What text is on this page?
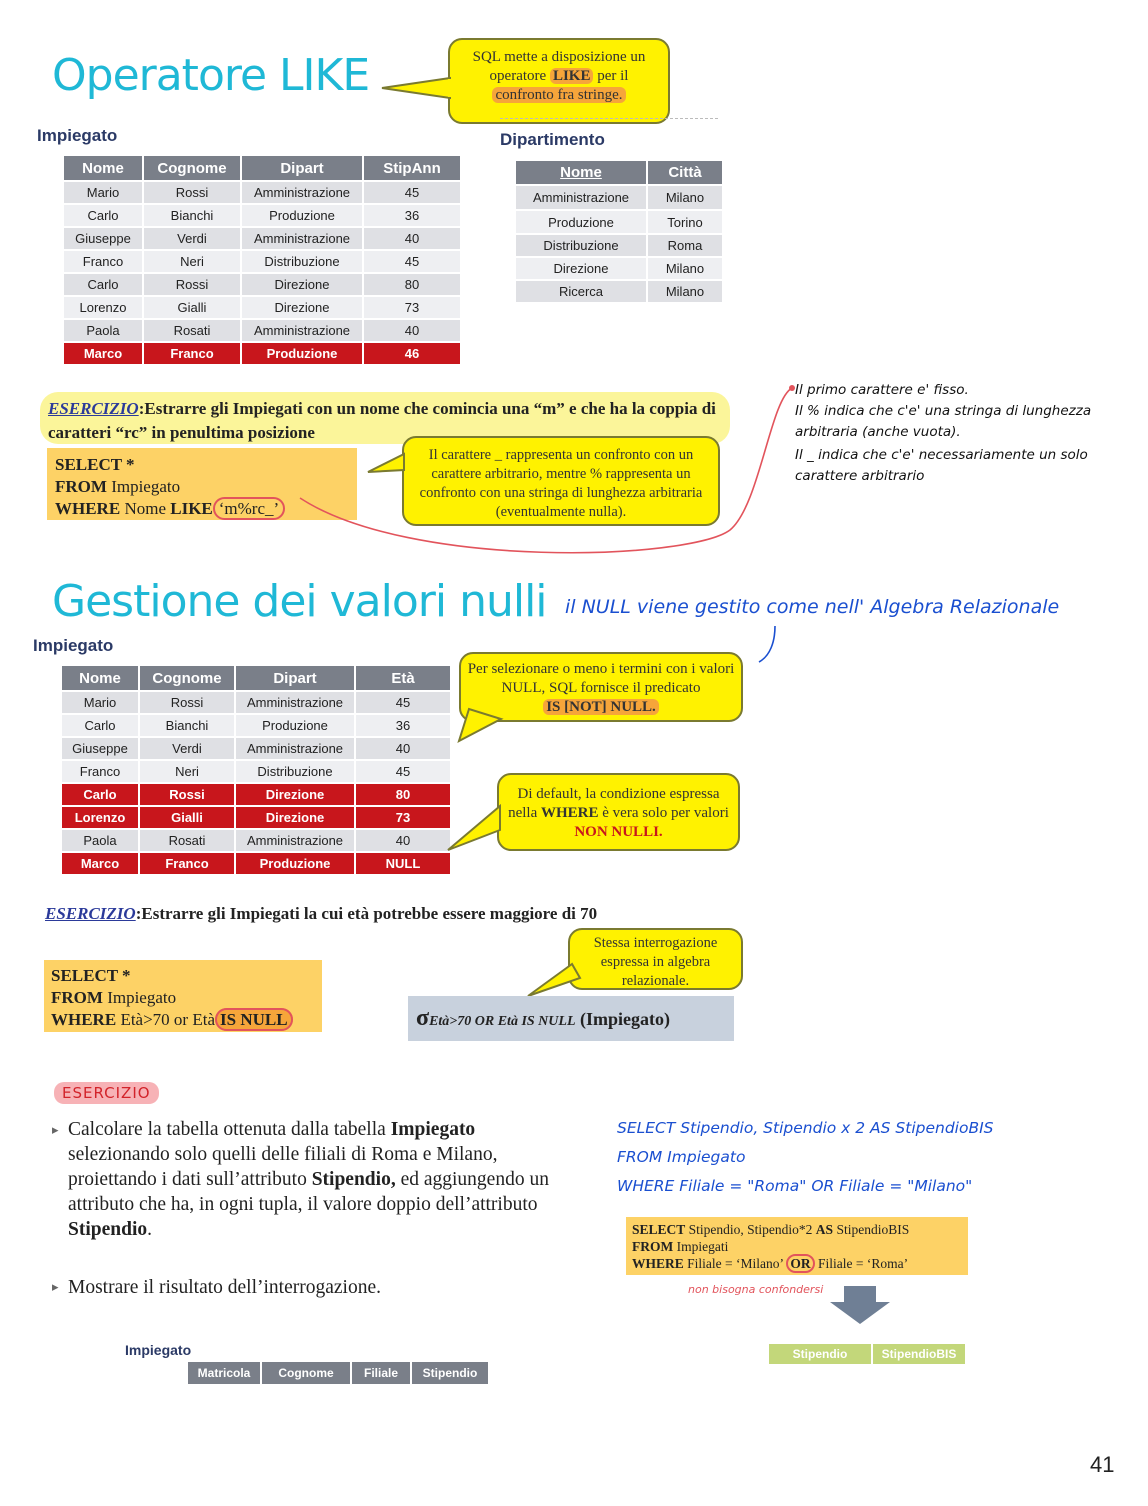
Operatore LIKE	SQL mette a disposizione un operatore LIKE per il
confronto fra stringe.
Impiegato
Nome	Cognome	Dipart	StipAnn
Mario	Rossi	Amministrazione	45
Carlo	Bianchi	Produzione	36
Giuseppe	Verdi	Amministrazione	40
Franco	Neri	Distribuzione	45
Carlo	Rossi	Direzione	80
Lorenzo	Gialli	Direzione	73
Paola	Rosati	Amministrazione	40
Marco	Franco	Produzione	46
Dipartimento
Nome	Città
Amministrazione	Milano
Produzione	Torino
Distribuzione	Roma
Direzione	Milano
Ricerca	Milano
ESERCIZIO:Estrarre gli Impiegati con un nome che comincia una “m” e che ha la coppia di caratteri “rc” in penultima posizione
SELECT *
FROM Impiegato
WHERE Nome LIKE ‘m%rc_’
Il carattere _ rappresenta un confronto con un carattere arbitrario, mentre % rappresenta un confronto con una stringa di lunghezza arbitraria (eventualmente nulla).
Il primo carattere e' fisso.
Il % indica che c'e' una stringa di lunghezza arbitraria (anche vuota).
Il _ indica che c'e' necessariamente un solo carattere arbitrario
Gestione dei valori nulli il NULL viene gestito come nell' Algebra Relazionale
Impiegato
Nome	Cognome	Dipart	Età
Mario	Rossi	Amministrazione	45
Carlo	Bianchi	Produzione	36
Giuseppe	Verdi	Amministrazione	40
Franco	Neri	Distribuzione	45
Carlo	Rossi	Direzione	80
Lorenzo	Gialli	Direzione	73
Paola	Rosati	Amministrazione	40
Marco	Franco	Produzione	NULL
Per selezionare o meno i termini con i valori NULL, SQL fornisce il predicato
IS [NOT] NULL.
Di default, la condizione espressa nella WHERE è vera solo per valori NON NULLI.
ESERCIZIO:Estrarre gli Impiegati la cui età potrebbe essere maggiore di 70
SELECT *
FROM Impiegato
WHERE Età>70 or Età IS NULL
Stessa interrogazione espressa in algebra relazionale.
σEtà>70 OR Età IS NULL (Impiegato)
ESERCIZIO
▸ Calcolare la tabella ottenuta dalla tabella Impiegato selezionando solo quelli delle filiali di Roma e Milano, proiettando i dati sull’attributo Stipendio, ed aggiungendo un attributo che ha, in ogni tupla, il valore doppio dell’attributo Stipendio.
▸ Mostrare il risultato dell’interrogazione.
SELECT Stipendio, Stipendio x 2 AS StipendioBIS
FROM Impiegato
WHERE Filiale = "Roma" OR Filiale = "Milano"
SELECT Stipendio, Stipendio*2 AS StipendioBIS
FROM Impiegati
WHERE Filiale = ‘Milano’ OR Filiale = ‘Roma’
non bisogna confondersi
Impiegato
Matricola	Cognome	Filiale	Stipendio
Stipendio	StipendioBIS
41
